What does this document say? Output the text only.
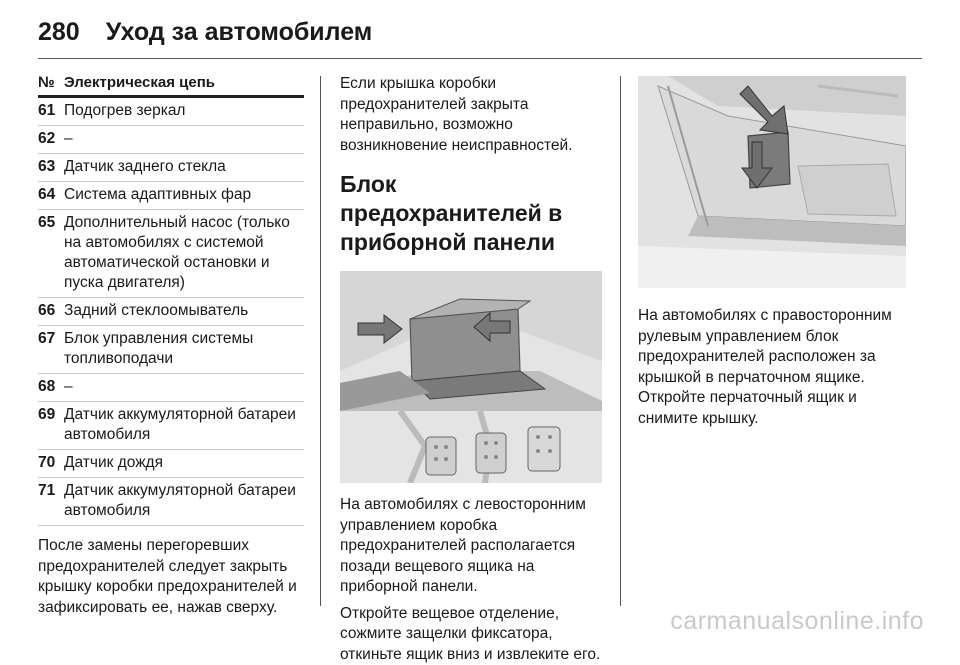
280 Уход за автомобилем
№ Электрическая цепь
61 Подогрев зеркал
62 –
63 Датчик заднего стекла
64 Система адаптивных фар
65 Дополнительный насос (только на автомобилях с системой автоматической остановки и пуска двигателя)
66 Задний стеклоомыватель
67 Блок управления системы топливоподачи
68 –
69 Датчик аккумуляторной батареи автомобиля
70 Датчик дождя
71 Датчик аккумуляторной батареи автомобиля
После замены перегоревших предохранителей следует закрыть крышку коробки предохранителей и зафиксировать ее, нажав сверху.
Если крышка коробки предохранителей закрыта неправильно, возможно возникновение неисправностей.
Блок предохранителей в приборной панели
На автомобилях с левосторонним управлением коробка предохранителей располагается позади вещевого ящика на приборной панели.
Откройте вещевое отделение, сожмите защелки фиксатора, откиньте ящик вниз и извлеките его.
На автомобилях с правосторонним рулевым управлением блок предохранителей расположен за крышкой в перчаточном ящике. Откройте перчаточный ящик и снимите крышку.
carmanualsonline.info
